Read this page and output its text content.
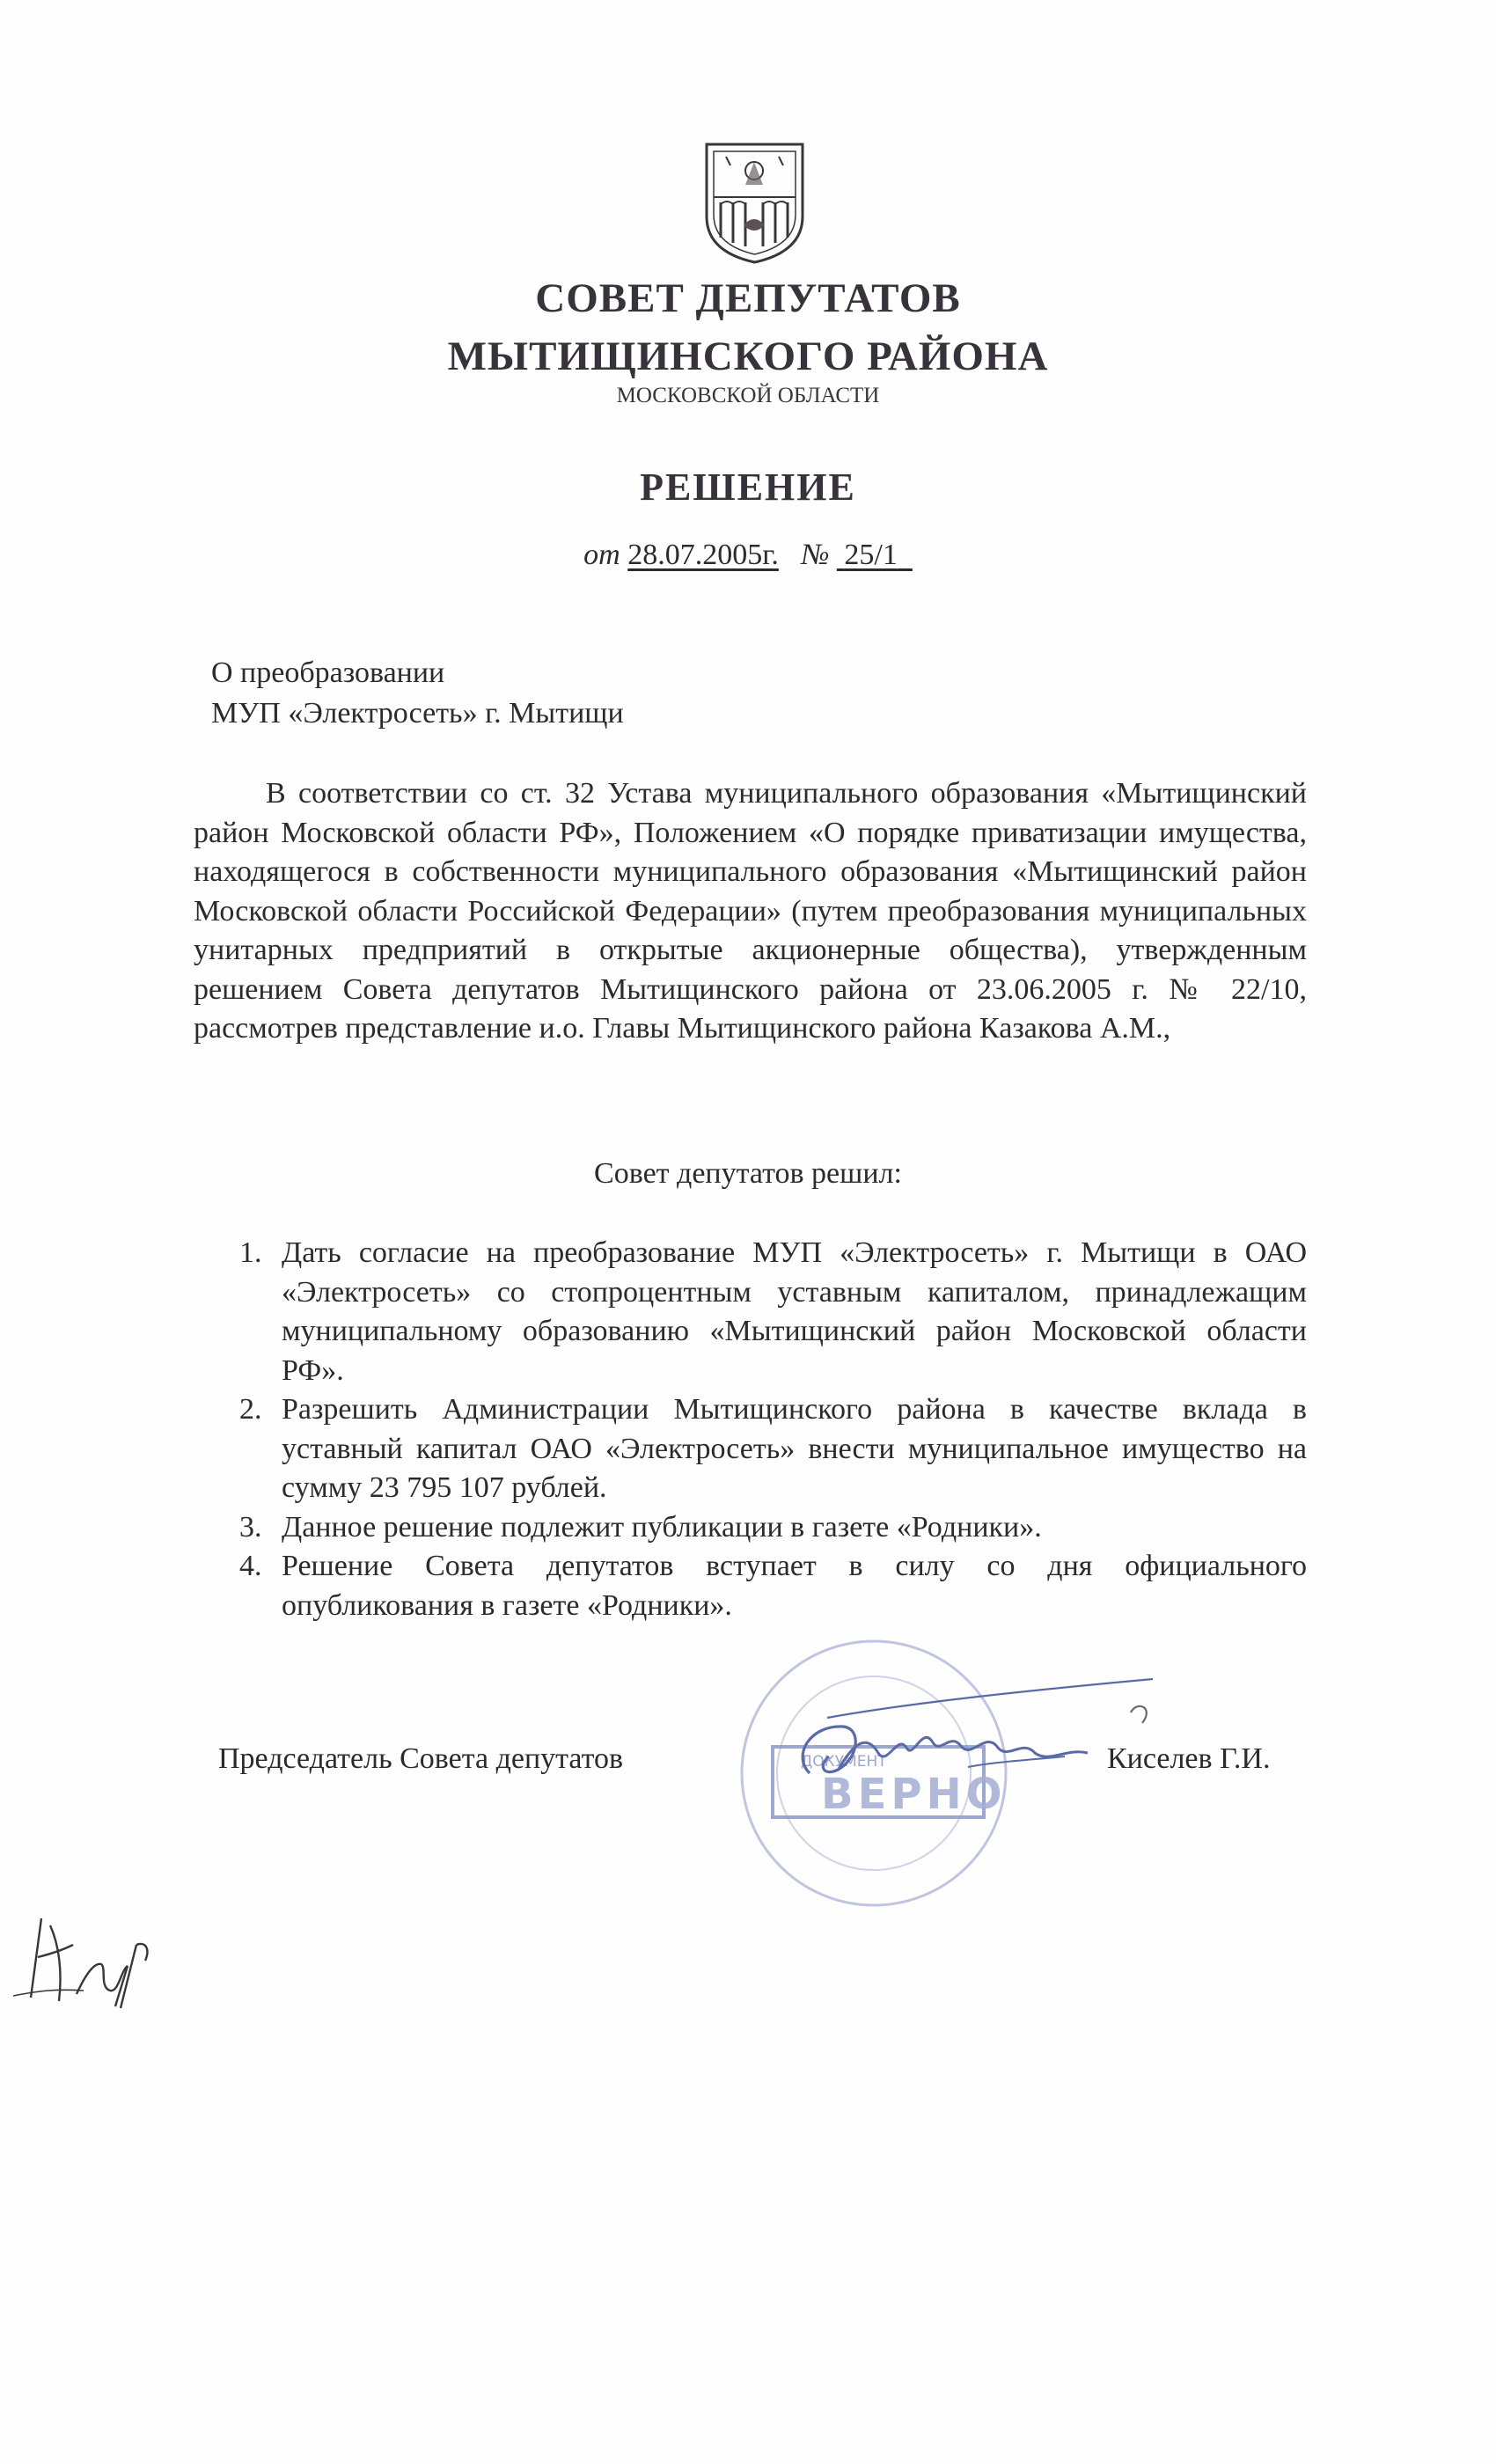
СОВЕТ ДЕПУТАТОВ
МЫТИЩИНСКОГО РАЙОНА
МОСКОВСКОЙ ОБЛАСТИ
РЕШЕНИЕ
от 28.07.2005г. № 25/1
О преобразовании
МУП «Электросеть» г. Мытищи
В соответствии со ст. 32 Устава муниципального образования «Мытищинский район Московской области РФ», Положением «О порядке приватизации имущества, находящегося в собственности муниципального образования «Мытищинский район Московской области Российской Федерации» (путем преобразования муниципальных унитарных предприятий в открытые акционерные общества), утвержденным решением Совета депутатов Мытищинского района от 23.06.2005 г. № 22/10, рассмотрев представление и.о. Главы Мытищинского района Казакова А.М.,
Совет депутатов решил:
1. Дать согласие на преобразование МУП «Электросеть» г. Мытищи в ОАО «Электросеть» со стопроцентным уставным капиталом, принадлежащим муниципальному образованию «Мытищинский район Московской области РФ».
2. Разрешить Администрации Мытищинского района в качестве вклада в уставный капитал ОАО «Электросеть» внести муниципальное имущество на сумму 23 795 107 рублей.
3. Данное решение подлежит публикации в газете «Родники».
4. Решение Совета депутатов вступает в силу со дня официального опубликования в газете «Родники».
ДОКУМЕНТ
ВЕРНО
Председатель Совета депутатов	Киселев Г.И.
